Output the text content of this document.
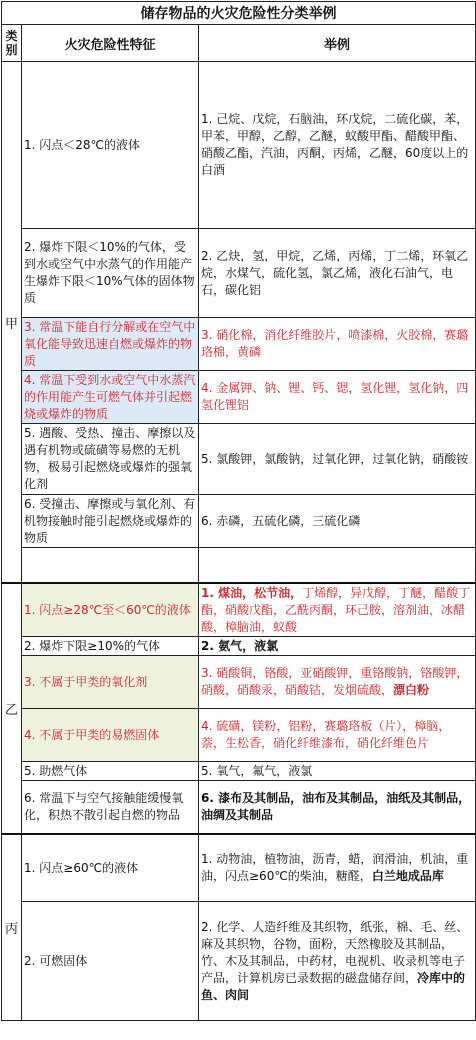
储存物品的火灾危险性分类举例		
类别	火灾危险性特征	举例
甲	1. 闪点＜28℃的液体	1. 己烷、戊烷，石脑油，环戊烷，二硫化碳，苯，甲苯，甲醇，乙醇，乙醚，蚁酸甲酯、醋酸甲酯、硝酸乙酯，汽油，丙酮，丙烯，乙醚，60度以上的白酒
	2. 爆炸下限＜10%的气体，受到水或空气中水蒸气的作用能产生爆炸下限＜10%气体的固体物质	2. 乙炔，氢，甲烷，乙烯，丙烯，丁二烯，环氧乙烷，水煤气，硫化氢，氯乙烯，液化石油气，电石，碳化铝
	3. 常温下能自行分解或在空气中氧化能导致迅速自燃或爆炸的物质	3. 硝化棉，消化纤维胶片，喷漆棉，火胶棉，赛璐珞棉，黄磷
	4. 常温下受到水或空气中水蒸汽的作用能产生可燃气体并引起燃烧或爆炸的物质	4. 金属钾、钠、锂、钙、锶，氢化锂，氢化钠，四氢化锂铝
	5. 遇酸、受热、撞击、摩擦以及遇有机物或硫磺等易燃的无机物，极易引起燃烧或爆炸的强氧化剂	5. 氯酸钾，氯酸钠，过氧化钾，过氧化钠，硝酸铵
	6. 受撞击、摩擦或与氧化剂、有机物接触时能引起燃烧或爆炸的物质	6. 赤磷，五硫化磷，三硫化磷

乙	1. 闪点≥28℃至＜60℃的液体	1. 煤油，松节油，丁烯醇，异戊醇，丁醚，醋酸丁酯，硝酸戊酯，乙酰丙酮，环己胺，溶剂油，冰醋酸，樟脑油，蚁酸
	2. 爆炸下限≥10%的气体	2. 氨气，液氯
	3. 不属于甲类的氧化剂	3. 硝酸铜，铬酸，亚硝酸钾，重铬酸钠，铬酸钾，硝酸，硝酸汞，硝酸钴，发烟硫酸，漂白粉
	4. 不属于甲类的易燃固体	4. 硫磺，镁粉，铝粉，赛璐珞板（片），樟脑，萘，生松香，硝化纤维漆布，硝化纤维色片
	5. 助燃气体	5. 氧气，氟气，液氯
	6. 常温下与空气接触能缓慢氧化，积热不散引起自燃的物品	6. 漆布及其制品，油布及其制品，油纸及其制品，油绸及其制品
丙	1. 闪点≥60℃的液体	1. 动物油，植物油，沥青，蜡，润滑油，机油，重油，闪点≥60℃的柴油，糖醛，白兰地成品库
	2. 可燃固体	2. 化学、人造纤维及其织物，纸张，棉、毛、丝、麻及其织物，谷物，面粉，天然橡胶及其制品，竹、木及其制品，中药材，电视机、收录机等电子产品，计算机房已录数据的磁盘储存间，冷库中的鱼、肉间
